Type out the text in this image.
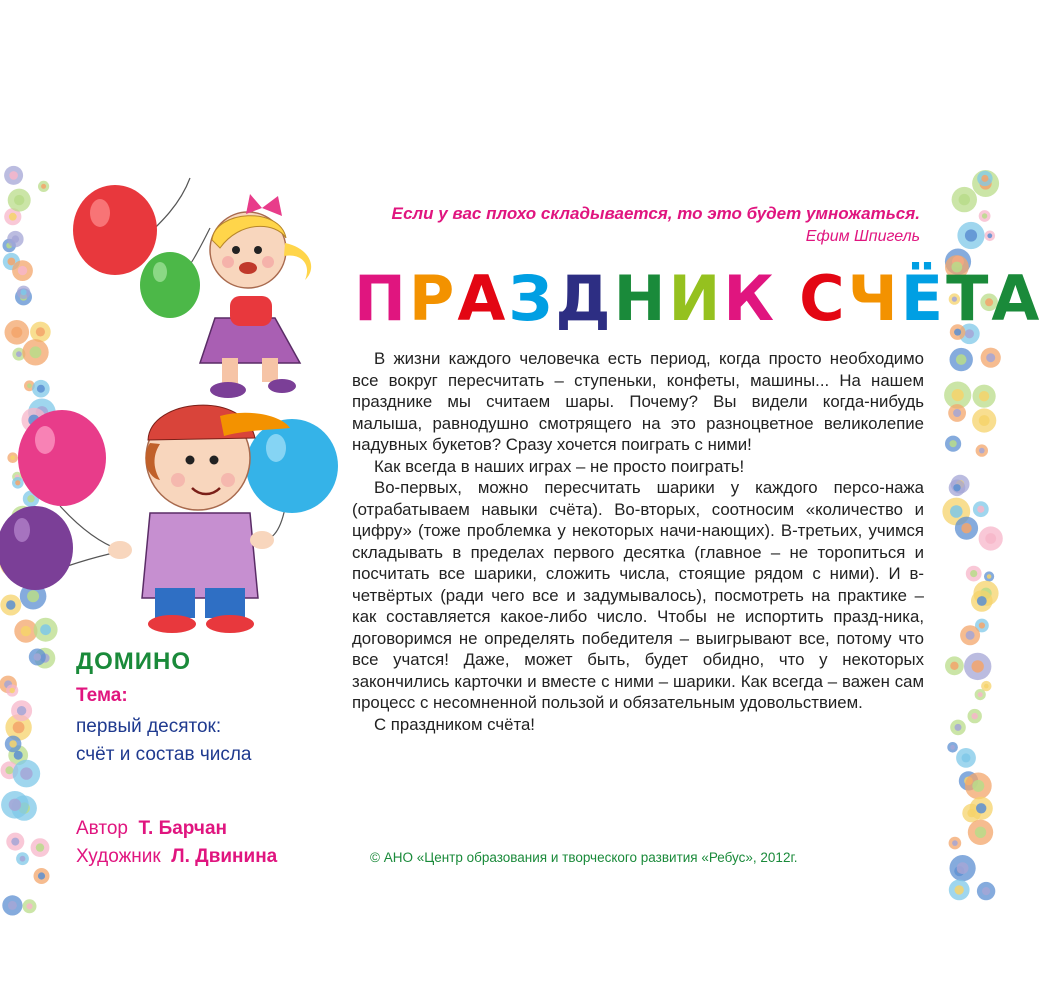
ДОМИНО
Тема:
первый десяток:
счёт и состав числа
Автор Т. Барчан
Художник Л. Двинина
Если у вас плохо складывается, то это будет умножаться.
Ефим Шпигель
ПРАЗДНИК СЧЁТА

В жизни каждого человечка есть период, когда просто необходимо все вокруг пересчитать – ступеньки, конфеты, машины... На нашем празднике мы считаем шары. Почему? Вы видели когда-нибудь малыша, равнодушно смотрящего на это разноцветное великолепие надувных букетов? Сразу хочется поиграть с ними!

Как всегда в наших играх – не просто поиграть!

Во-первых, можно пересчитать шарики у каждого персо-нажа (отрабатываем навыки счёта). Во-вторых, соотносим «количество и цифру» (тоже проблемка у некоторых начи-нающих). В-третьих, учимся складывать в пределах первого десятка (главное – не торопиться и посчитать все шарики, сложить числа, стоящие рядом с ними). И в-четвёртых (ради чего все и задумывалось), посмотреть на практике – как составляется какое-либо число. Чтобы не испортить празд-ника, договоримся не определять победителя – выигрывают все, потому что все учатся! Даже, может быть, будет обидно, что у некоторых закончились карточки и вместе с ними – шарики. Как всегда – важен сам процесс с несомненной пользой и обязательным удовольствием.

С праздником счёта!

© АНО «Центр образования и творческого развития «Ребус», 2012г.
